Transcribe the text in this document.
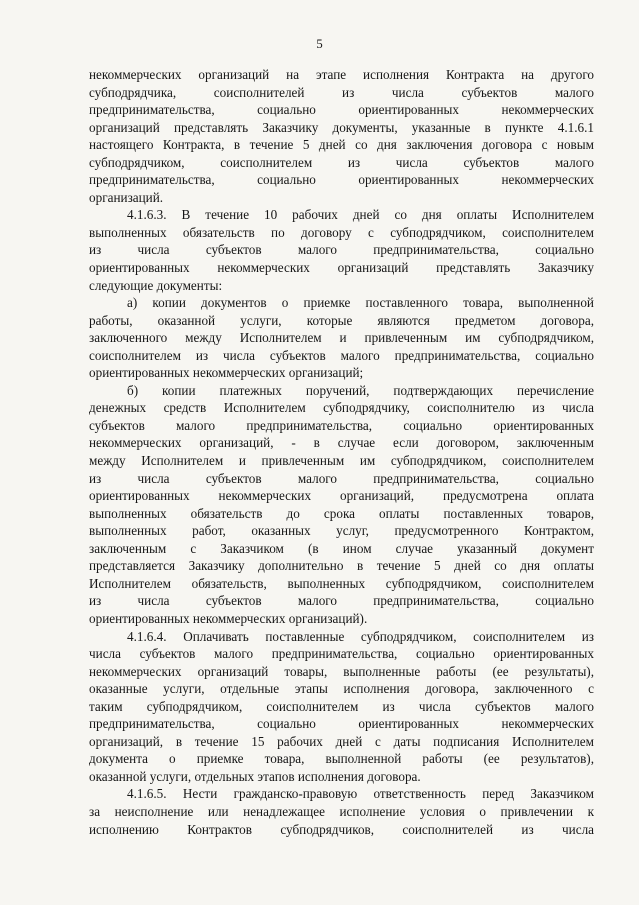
5

некоммерческих организаций на этапе исполнения Контракта на другого
субподрядчика, соисполнителей из числа субъектов малого
предпринимательства, социально ориентированных некоммерческих
организаций представлять Заказчику документы, указанные в пункте 4.1.6.1
настоящего Контракта, в течение 5 дней со дня заключения договора с новым
субподрядчиком, соисполнителем из числа субъектов малого
предпринимательства, социально ориентированных некоммерческих
организаций.

4.1.6.3. В течение 10 рабочих дней со дня оплаты Исполнителем
выполненных обязательств по договору с субподрядчиком, соисполнителем
из числа субъектов малого предпринимательства, социально
ориентированных некоммерческих организаций представлять Заказчику
следующие документы:

а) копии документов о приемке поставленного товара, выполненной
работы, оказанной услуги, которые являются предметом договора,
заключенного между Исполнителем и привлеченным им субподрядчиком,
соисполнителем из числа субъектов малого предпринимательства, социально
ориентированных некоммерческих организаций;

б) копии платежных поручений, подтверждающих перечисление
денежных средств Исполнителем субподрядчику, соисполнителю из числа
субъектов малого предпринимательства, социально ориентированных
некоммерческих организаций, - в случае если договором, заключенным
между Исполнителем и привлеченным им субподрядчиком, соисполнителем
из числа субъектов малого предпринимательства, социально
ориентированных некоммерческих организаций, предусмотрена оплата
выполненных обязательств до срока оплаты поставленных товаров,
выполненных работ, оказанных услуг, предусмотренного Контрактом,
заключенным с Заказчиком (в ином случае указанный документ
представляется Заказчику дополнительно в течение 5 дней со дня оплаты
Исполнителем обязательств, выполненных субподрядчиком, соисполнителем
из числа субъектов малого предпринимательства, социально
ориентированных некоммерческих организаций).

4.1.6.4. Оплачивать поставленные субподрядчиком, соисполнителем из
числа субъектов малого предпринимательства, социально ориентированных
некоммерческих организаций товары, выполненные работы (ее результаты),
оказанные услуги, отдельные этапы исполнения договора, заключенного с
таким субподрядчиком, соисполнителем из числа субъектов малого
предпринимательства, социально ориентированных некоммерческих
организаций, в течение 15 рабочих дней с даты подписания Исполнителем
документа о приемке товара, выполненной работы (ее результатов),
оказанной услуги, отдельных этапов исполнения договора.

4.1.6.5. Нести гражданско-правовую ответственность перед Заказчиком
за неисполнение или ненадлежащее исполнение условия о привлечении к
исполнению Контрактов субподрядчиков, соисполнителей из числа
